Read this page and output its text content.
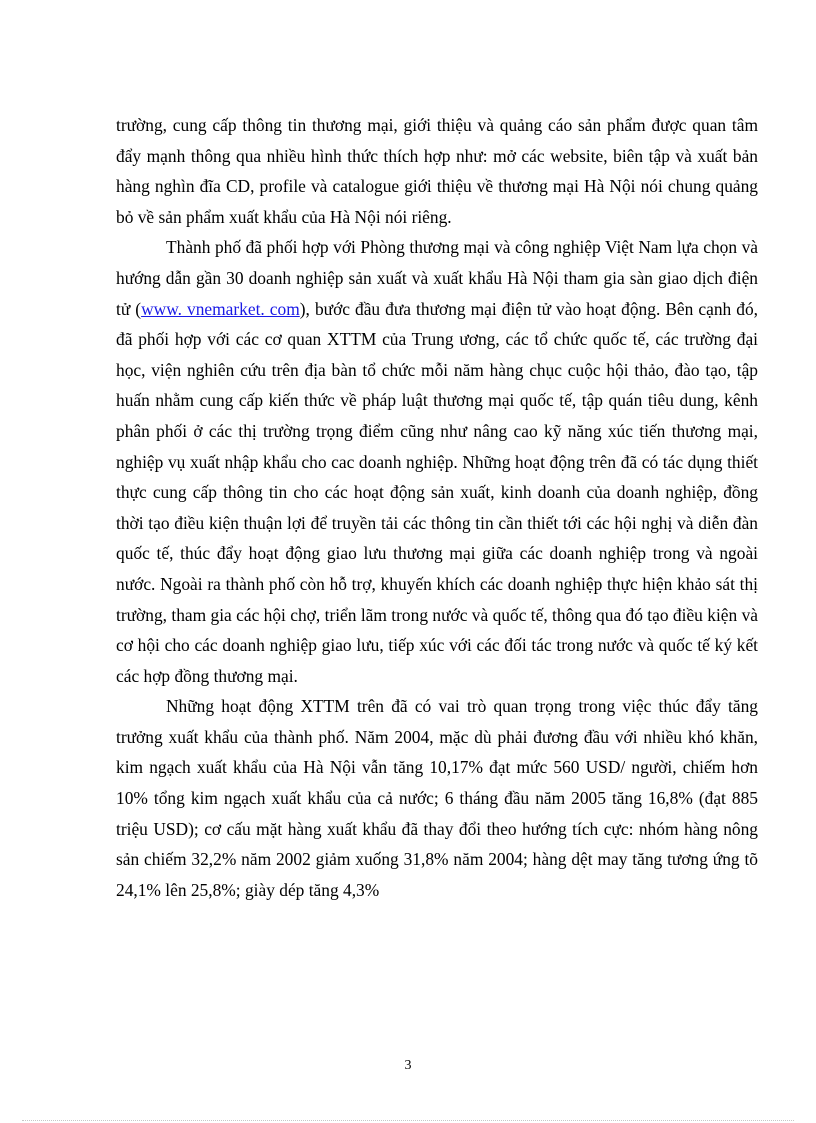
trường, cung cấp thông tin thương mại, giới thiệu và quảng cáo sản phẩm được quan tâm đẩy mạnh thông qua nhiều hình thức thích hợp như: mở các website, biên tập và xuất bản hàng nghìn đĩa CD, profile và catalogue giới thiệu về thương mại Hà Nội nói chung quảng bỏ về sản phẩm xuất khẩu của Hà Nội nói riêng.

Thành phố đã phối hợp với Phòng thương mại và công nghiệp Việt Nam lựa chọn và hướng dẫn gần 30 doanh nghiệp sản xuất và xuất khẩu Hà Nội tham gia sàn giao dịch điện tử (www. vnemarket. com), bước đầu đưa thương mại điện tử vào hoạt động. Bên cạnh đó, đã phối hợp với các cơ quan XTTM của Trung ương, các tổ chức quốc tế, các trường đại học, viện nghiên cứu trên địa bàn tổ chức mỗi năm hàng chục cuộc hội thảo, đào tạo, tập huấn nhằm cung cấp kiến thức về pháp luật thương mại quốc tế, tập quán tiêu dung, kênh phân phối ở các thị trường trọng điểm cũng như nâng cao kỹ năng xúc tiến thương mại, nghiệp vụ xuất nhập khẩu cho cac doanh nghiệp. Những hoạt động trên đã có tác dụng thiết thực cung cấp thông tin cho các hoạt động sản xuất, kinh doanh của doanh nghiệp, đồng thời tạo điều kiện thuận lợi để truyền tải các thông tin cần thiết tới các hội nghị và diễn đàn quốc tế, thúc đẩy hoạt động giao lưu thương mại giữa các doanh nghiệp trong và ngoài nước. Ngoài ra thành phố còn hỗ trợ, khuyến khích các doanh nghiệp thực hiện khảo sát thị trường, tham gia các hội chợ, triển lãm trong nước và quốc tế, thông qua đó tạo điều kiện và cơ hội cho các doanh nghiệp giao lưu, tiếp xúc với các đối tác trong nước và quốc tế ký kết các hợp đồng thương mại.

Những hoạt động XTTM trên đã có vai trò quan trọng trong việc thúc đẩy tăng trưởng xuất khẩu của thành phố. Năm 2004, mặc dù phải đương đầu với nhiều khó khăn, kim ngạch xuất khẩu của Hà Nội vẫn tăng 10,17% đạt mức 560 USD/ người, chiếm hơn 10% tổng kim ngạch xuất khẩu của cả nước; 6 tháng đầu năm 2005 tăng 16,8% (đạt 885 triệu USD); cơ cấu mặt hàng xuất khẩu đã thay đổi theo hướng tích cực: nhóm hàng nông sản chiếm 32,2% năm 2002 giảm xuống 31,8% năm 2004; hàng dệt may tăng tương ứng tõ 24,1% lên 25,8%; giày dép tăng 4,3%

3
